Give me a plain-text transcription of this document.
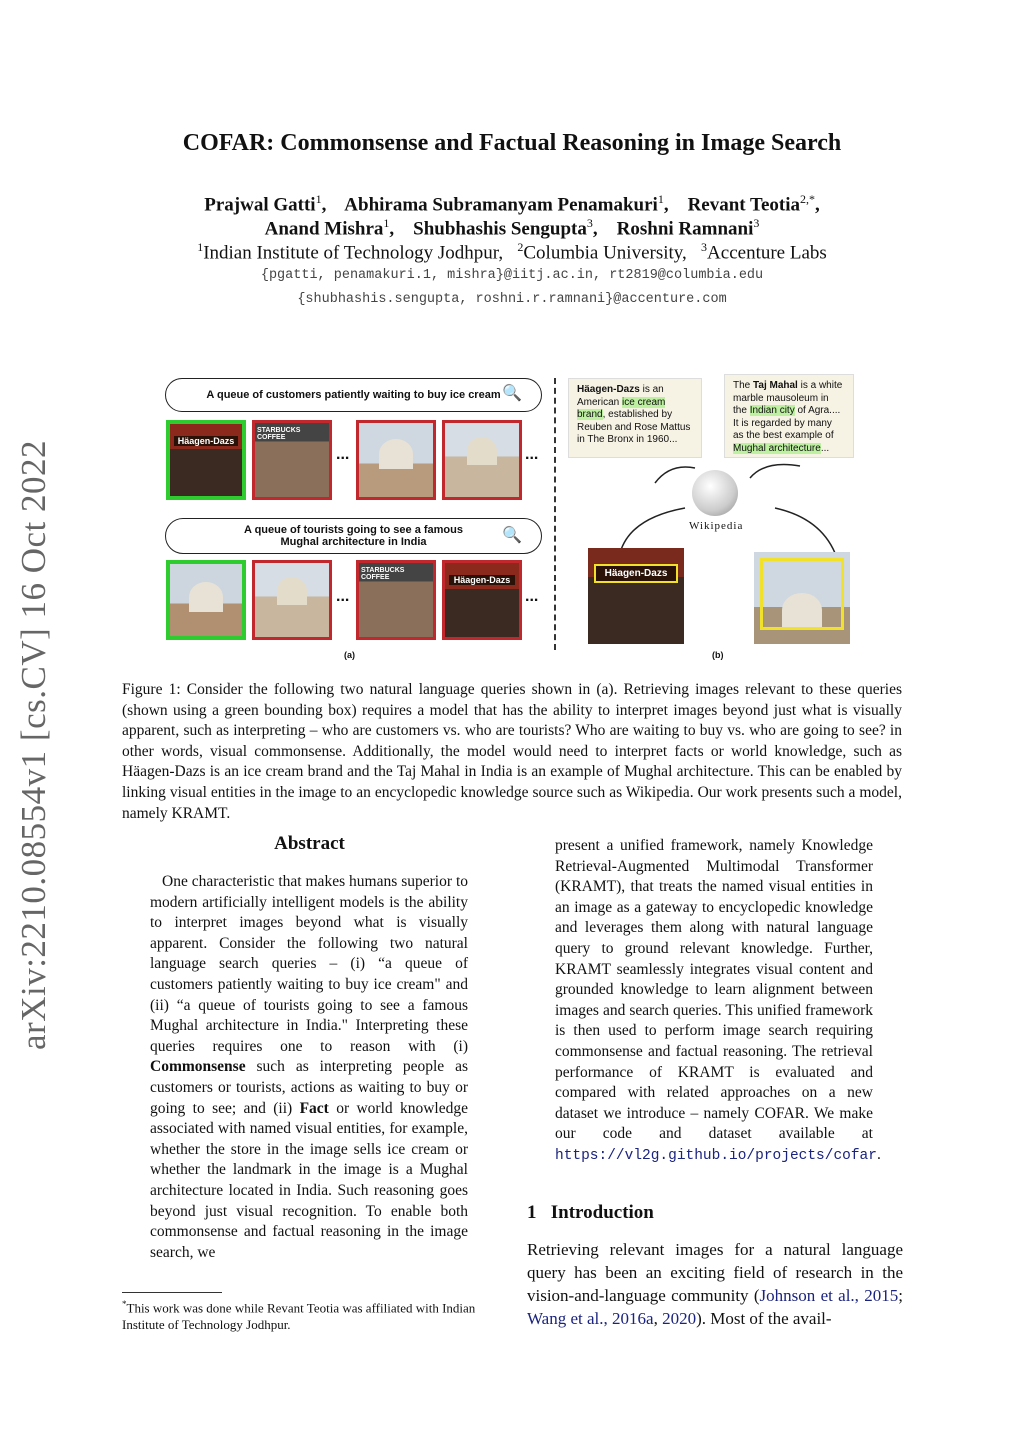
arXiv:2210.08554v1 [cs.CV] 16 Oct 2022
COFAR: Commonsense and Factual Reasoning in Image Search
Prajwal Gatti$^1$,    Abhirama Subramanyam Penamakuri$^1$,    Revant Teotia$^{2,*}$,
Anand Mishra$^1$,    Shubhashis Sengupta$^3$,    Roshni Ramnani$^3$
$^1$Indian Institute of Technology Jodhpur, $^2$Columbia University, $^3$Accenture Labs
{pgatti, penamakuri.1, mishra}@iitj.ac.in, rt2819@columbia.edu
{shubhashis.sengupta, roshni.r.ramnani}@accenture.com
A queue of customers patiently waiting to buy ice cream 🔍
Häagen-Dazs
STARBUCKS COFFEE
...	...
A queue of tourists going to see a famous
Mughal architecture in India	🔍
STARBUCKS COFFEE	Häagen-Dazs
...	...
(a)
Häagen-Dazs is an American ice cream brand, established by Reuben and Rose Mattus in The Bronx in 1960...
The Taj Mahal is a white marble mausoleum in the Indian city of Agra.... It is regarded by many as the best example of Mughal architecture...
Wikipedia
Häagen-Dazs
(b)
Figure 1: Consider the following two natural language queries shown in (a). Retrieving images relevant to these queries (shown using a green bounding box) requires a model that has the ability to interpret images beyond just what is visually apparent, such as interpreting – who are customers vs. who are tourists? Who are waiting to buy vs. who are going to see? in other words, visual commonsense. Additionally, the model would need to interpret facts or world knowledge, such as Häagen-Dazs is an ice cream brand and the Taj Mahal in India is an example of Mughal architecture. This can be enabled by linking visual entities in the image to an encyclopedic knowledge source such as Wikipedia. Our work presents such a model, namely KRAMT.
Abstract
One characteristic that makes humans superior to modern artificially intelligent models is the ability to interpret images beyond what is visually apparent. Consider the following two natural language search queries – (i) “a queue of customers patiently waiting to buy ice cream" and (ii) “a queue of tourists going to see a famous Mughal architecture in India." Interpreting these queries requires one to reason with (i) Commonsense such as interpreting people as customers or tourists, actions as waiting to buy or going to see; and (ii) Fact or world knowledge associated with named visual entities, for example, whether the store in the image sells ice cream or whether the landmark in the image is a Mughal architecture located in India. Such reasoning goes beyond just visual recognition. To enable both commonsense and factual reasoning in the image search, we
*This work was done while Revant Teotia was affiliated with Indian Institute of Technology Jodhpur.
present a unified framework, namely Knowledge Retrieval-Augmented Multimodal Transformer (KRAMT), that treats the named visual entities in an image as a gateway to encyclopedic knowledge and leverages them along with natural language query to ground relevant knowledge. Further, KRAMT seamlessly integrates visual content and grounded knowledge to learn alignment between images and search queries. This unified framework is then used to perform image search requiring commonsense and factual reasoning. The retrieval performance of KRAMT is evaluated and compared with related approaches on a new dataset we introduce – namely COFAR. We make our code and dataset available at https://vl2g.github.io/projects/cofar.
1   Introduction
Retrieving relevant images for a natural language query has been an exciting field of research in the vision-and-language community (Johnson et al., 2015; Wang et al., 2016a, 2020). Most of the avail-
